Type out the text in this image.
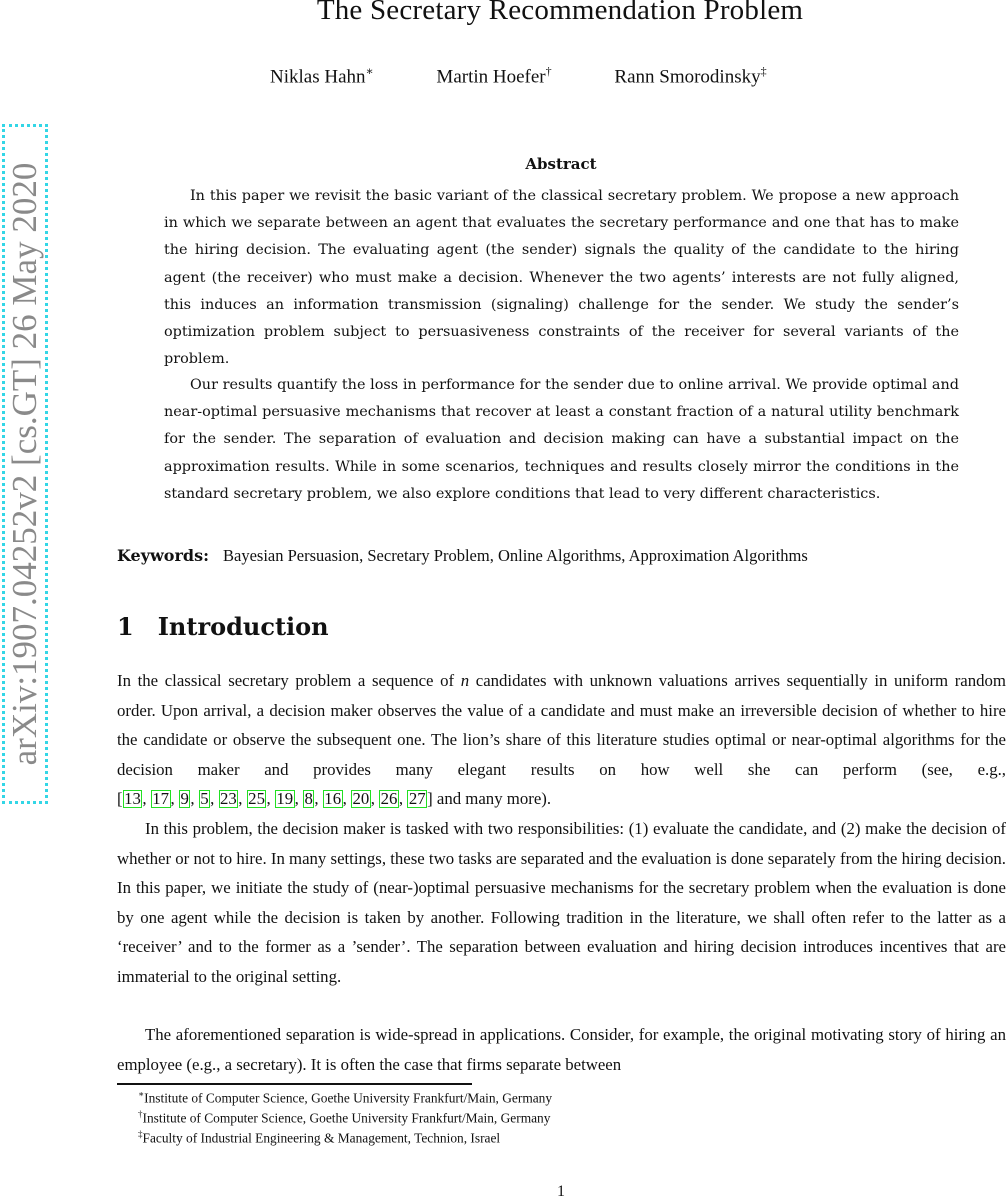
The Secretary Recommendation Problem
Niklas Hahn∗	Martin Hoefer†	Rann Smorodinsky‡
arXiv:1907.04252v2 [cs.GT] 26 May 2020	Abstract
In this paper we revisit the basic variant of the classical secretary problem. We propose a new approach in which we separate between an agent that evaluates the secretary performance and one that has to make the hiring decision. The evaluating agent (the sender) signals the quality of the candidate to the hiring agent (the receiver) who must make a decision. Whenever the two agents’ interests are not fully aligned, this induces an information transmission (signaling) challenge for the sender. We study the sender’s optimization problem subject to persuasiveness constraints of the receiver for several variants of the problem.
Our results quantify the loss in performance for the sender due to online arrival. We provide optimal and near-optimal persuasive mechanisms that recover at least a constant fraction of a natural utility benchmark for the sender. The separation of evaluation and decision making can have a substantial impact on the approximation results. While in some scenarios, techniques and results closely mirror the conditions in the standard secretary problem, we also explore conditions that lead to very different characteristics.
Keywords: Bayesian Persuasion, Secretary Problem, Online Algorithms, Approximation Algorithms
1 Introduction
In the classical secretary problem a sequence of n candidates with unknown valuations arrives sequentially in uniform random order. Upon arrival, a decision maker observes the value of a candidate and must make an irreversible decision of whether to hire the candidate or observe the subsequent one. The lion’s share of this literature studies optimal or near-optimal algorithms for the decision maker and provides many elegant results on how well she can perform (see, e.g., [13, 17, 9, 5, 23, 25, 19, 8, 16, 20, 26, 27] and many more).
In this problem, the decision maker is tasked with two responsibilities: (1) evaluate the candidate, and (2) make the decision of whether or not to hire. In many settings, these two tasks are separated and the evaluation is done separately from the hiring decision. In this paper, we initiate the study of (near-)optimal persuasive mechanisms for the secretary problem when the evaluation is done by one agent while the decision is taken by another. Following tradition in the literature, we shall often refer to the latter as a ‘receiver’ and to the former as a ’sender’. The separation between evaluation and hiring decision introduces incentives that are immaterial to the original setting.
The aforementioned separation is wide-spread in applications. Consider, for example, the original motivating story of hiring an employee (e.g., a secretary). It is often the case that firms separate between
∗Institute of Computer Science, Goethe University Frankfurt/Main, Germany
†Institute of Computer Science, Goethe University Frankfurt/Main, Germany
‡Faculty of Industrial Engineering & Management, Technion, Israel
1
